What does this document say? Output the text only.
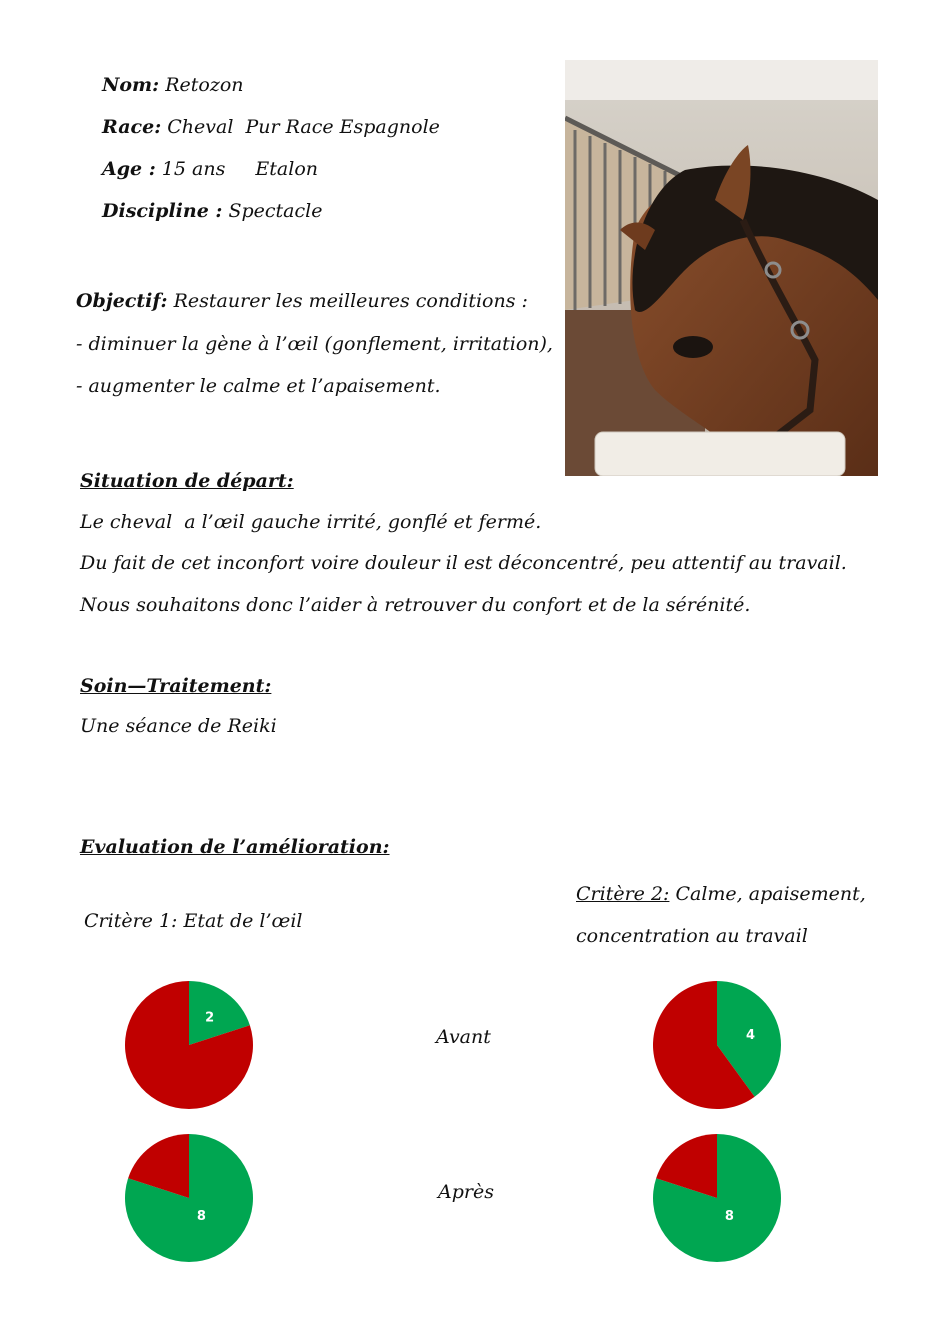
Nom: Retozon
Race: Cheval  Pur Race Espagnole
Age : 15 ans Etalon
Discipline : Spectacle
Objectif: Restaurer les meilleures conditions :
- diminuer la gène à l’œil (gonflement, irritation),
- augmenter le calme et l’apaisement.
Situation de départ:
Le cheval  a l’œil gauche irrité, gonflé et fermé.
Du fait de cet inconfort voire douleur il est déconcentré, peu attentif au travail.
Nous souhaitons donc l’aider à retrouver du confort et de la sérénité.
Soin—Traitement:
Une séance de Reiki
Evaluation de l’amélioration:
Critère 1: Etat de l’œil
Critère 2: Calme, apaisement,
concentration au travail
Avant
Après
2
4
8	8
